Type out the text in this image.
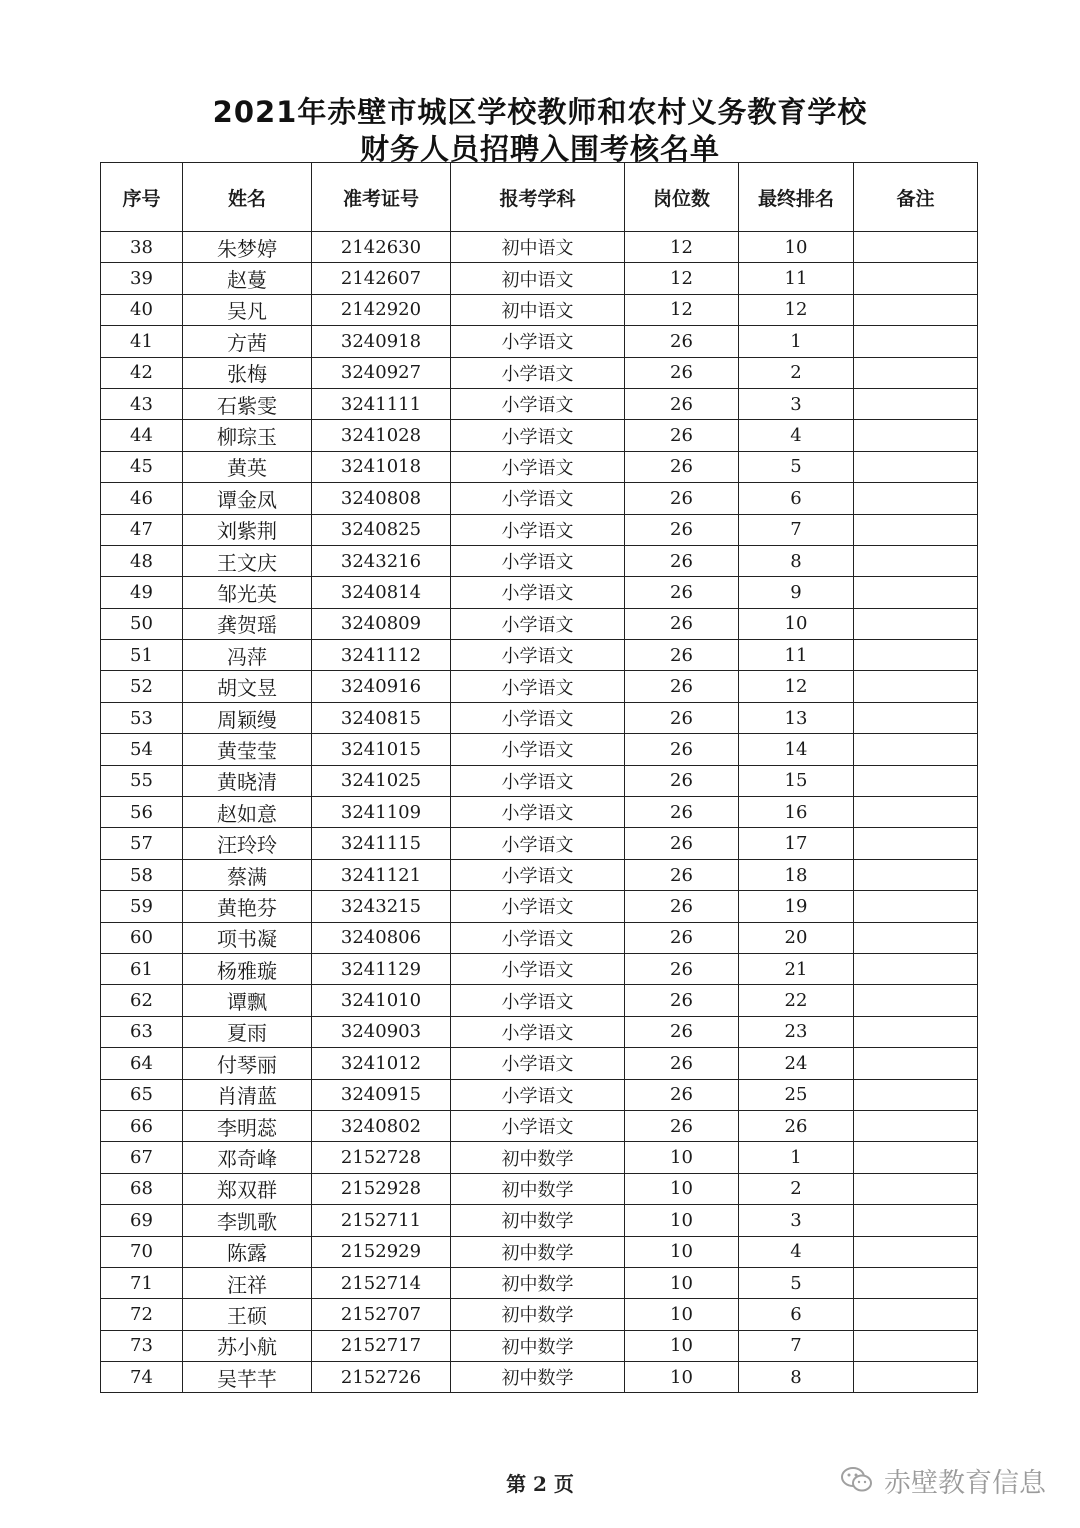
2021年赤壁市城区学校教师和农村义务教育学校
财务人员招聘入围考核名单
序号	姓名	准考证号	报考学科	岗位数	最终排名	备注
38	朱梦婷	2142630	初中语文	12	10	
39	赵蔓	2142607	初中语文	12	11	
40	吴凡	2142920	初中语文	12	12	
41	方茜	3240918	小学语文	26	1	
42	张梅	3240927	小学语文	26	2	
43	石紫雯	3241111	小学语文	26	3	
44	柳琮玉	3241028	小学语文	26	4	
45	黄英	3241018	小学语文	26	5	
46	谭金凤	3240808	小学语文	26	6	
47	刘紫荆	3240825	小学语文	26	7	
48	王文庆	3243216	小学语文	26	8	
49	邹光英	3240814	小学语文	26	9	
50	龚贺瑶	3240809	小学语文	26	10	
51	冯萍	3241112	小学语文	26	11	
52	胡文昱	3240916	小学语文	26	12	
53	周颖缦	3240815	小学语文	26	13	
54	黄莹莹	3241015	小学语文	26	14	
55	黄晓清	3241025	小学语文	26	15	
56	赵如意	3241109	小学语文	26	16	
57	汪玲玲	3241115	小学语文	26	17	
58	蔡满	3241121	小学语文	26	18	
59	黄艳芬	3243215	小学语文	26	19	
60	项书凝	3240806	小学语文	26	20	
61	杨雅璇	3241129	小学语文	26	21	
62	谭飘	3241010	小学语文	26	22	
63	夏雨	3240903	小学语文	26	23	
64	付琴丽	3241012	小学语文	26	24	
65	肖清蓝	3240915	小学语文	26	25	
66	李明蕊	3240802	小学语文	26	26	
67	邓奇峰	2152728	初中数学	10	1	
68	郑双群	2152928	初中数学	10	2	
69	李凯歌	2152711	初中数学	10	3	
70	陈露	2152929	初中数学	10	4	
71	汪祥	2152714	初中数学	10	5	
72	王硕	2152707	初中数学	10	6	
73	苏小航	2152717	初中数学	10	7	
74	吴芊芊	2152726	初中数学	10	8	
第 2 页	赤壁教育信息
